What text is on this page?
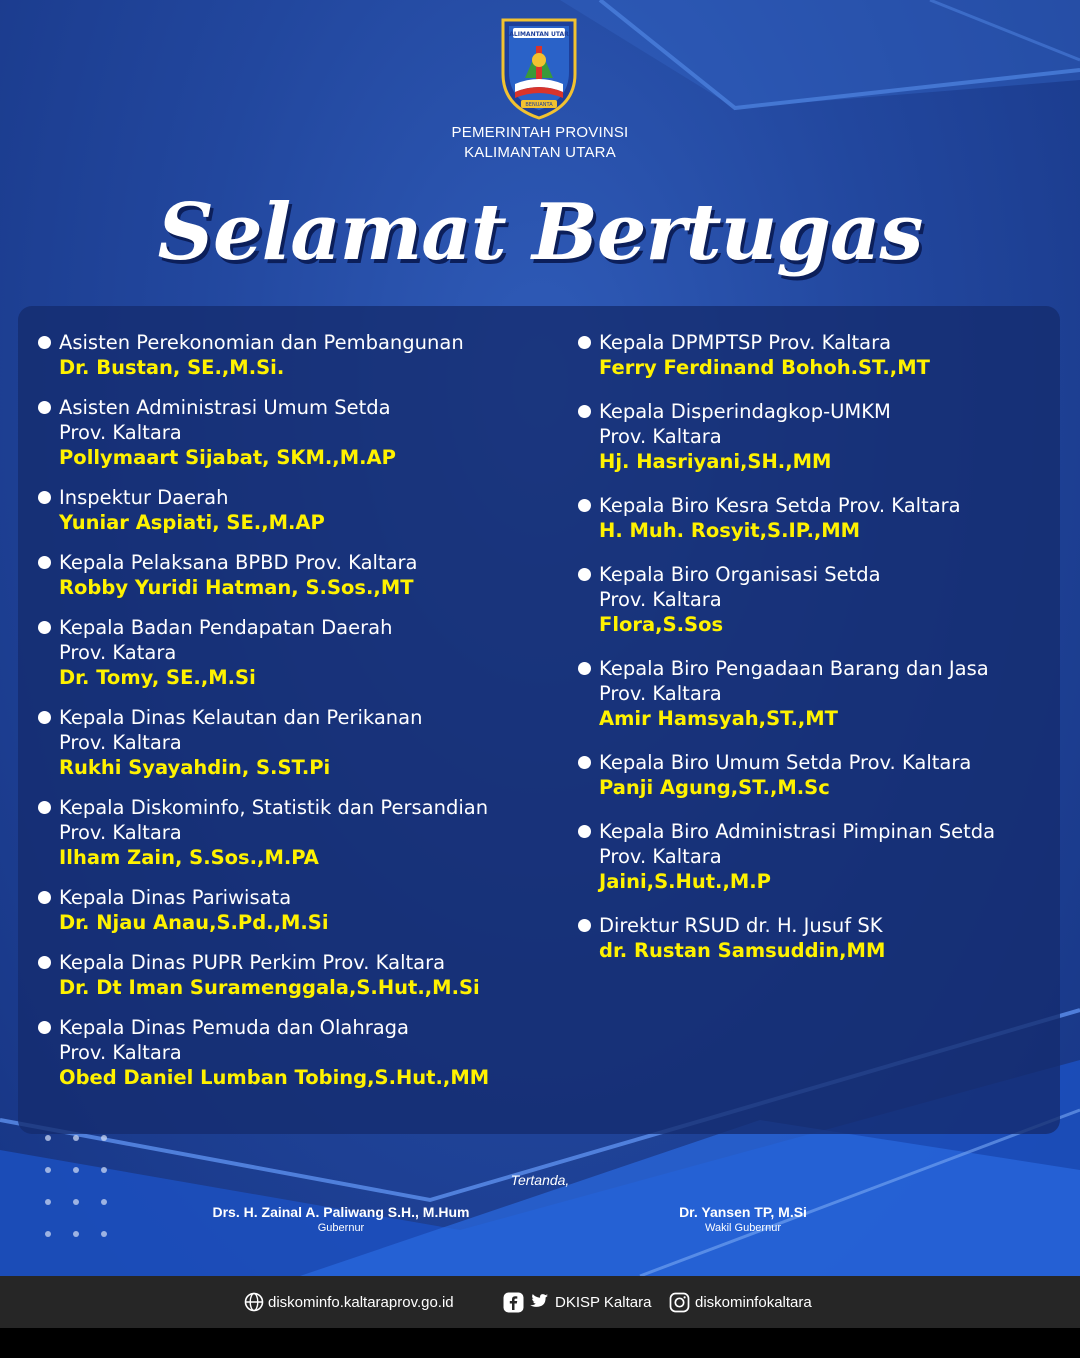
KALIMANTAN UTARA
BENUANTA
PEMERINTAH PROVINSI
KALIMANTAN UTARA
Selamat Bertugas
Asisten Perekonomian dan Pembangunan
Dr. Bustan, SE.,M.Si.
Asisten Administrasi Umum Setda
Prov. Kaltara
Pollymaart Sijabat, SKM.,M.AP
Inspektur Daerah
Yuniar Aspiati, SE.,M.AP
Kepala Pelaksana BPBD Prov. Kaltara
Robby Yuridi Hatman, S.Sos.,MT
Kepala Badan Pendapatan Daerah
Prov. Katara
Dr. Tomy, SE.,M.Si
Kepala Dinas Kelautan dan Perikanan
Prov. Kaltara
Rukhi Syayahdin, S.ST.Pi
Kepala Diskominfo, Statistik dan Persandian
Prov. Kaltara
Ilham Zain, S.Sos.,M.PA
Kepala Dinas Pariwisata
Dr. Njau Anau,S.Pd.,M.Si
Kepala Dinas PUPR Perkim Prov. Kaltara
Dr. Dt Iman Suramenggala,S.Hut.,M.Si
Kepala Dinas Pemuda dan Olahraga
Prov. Kaltara
Obed Daniel Lumban Tobing,S.Hut.,MM
Kepala DPMPTSP Prov. Kaltara
Ferry Ferdinand Bohoh.ST.,MT
Kepala Disperindagkop-UMKM
Prov. Kaltara
Hj. Hasriyani,SH.,MM
Kepala Biro Kesra Setda Prov. Kaltara
H. Muh. Rosyit,S.IP.,MM
Kepala Biro Organisasi Setda
Prov. Kaltara
Flora,S.Sos
Kepala Biro Pengadaan Barang dan Jasa
Prov. Kaltara
Amir Hamsyah,ST.,MT
Kepala Biro Umum Setda Prov. Kaltara
Panji Agung,ST.,M.Sc
Kepala Biro Administrasi Pimpinan Setda
Prov. Kaltara
Jaini,S.Hut.,M.P
Direktur RSUD dr. H. Jusuf SK
dr. Rustan Samsuddin,MM
Tertanda,
Drs. H. Zainal A. Paliwang S.H., M.Hum
Gubernur
Dr. Yansen TP, M.Si
Wakil Gubernur
diskominfo.kaltaraprov.go.id	DKISP Kaltara	diskominfokaltara
